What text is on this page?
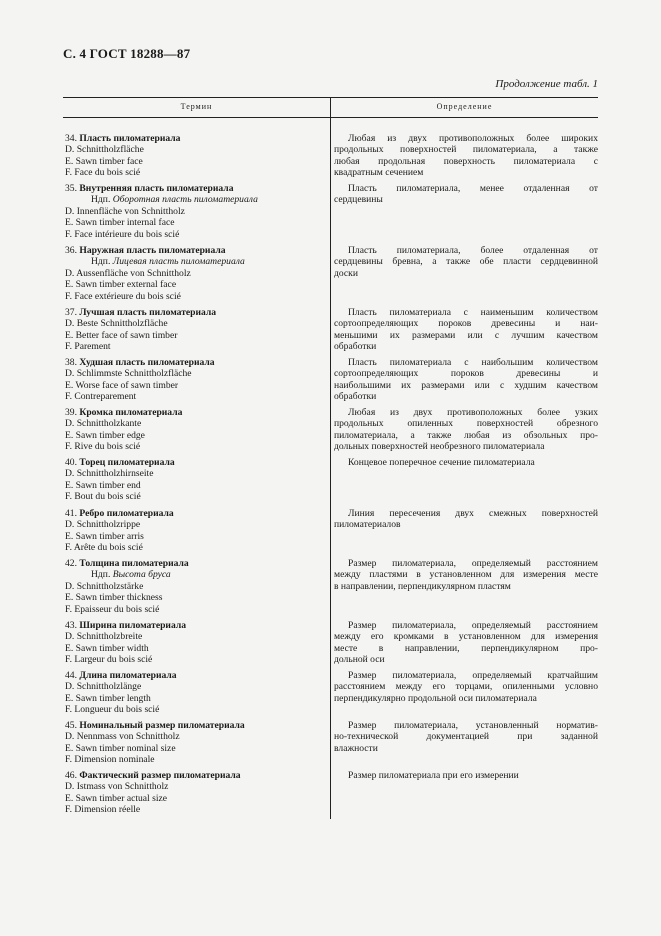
С. 4 ГОСТ 18288—87
Продолжение табл. 1
Термин	Определение
34. Пласть пиломатериала
D. Schnittholzfläche
E. Sawn timber face
F. Face du bois scié
Любая из двух противоположных более широких
продольных поверхностей пиломатериала, а также
любая продольная поверхность пиломатериала с
квадратным сечением
35. Внутренняя пласть пиломатериала
Ндп. Оборотная пласть пиломатериала
D. Innenfläche von Schnittholz
E. Sawn timber internal face
F. Face intérieure du bois scié
Пласть пиломатериала, менее отдаленная от
сердцевины
36. Наружная пласть пиломатериала
Ндп. Лицевая пласть пиломатериала
D. Aussenfläche von Schnittholz
E. Sawn timber external face
F. Face extérieure du bois scié
Пласть пиломатериала, более отдаленная от
сердцевины бревна, а также обе пласти сердцевинной
доски
37. Лучшая пласть пиломатериала
D. Beste Schnittholzfläche
E. Better face of sawn timber
F. Parement
Пласть пиломатериала с наименьшим количеством
сортоопределяющих пороков древесины и наи-
меньшими их размерами или с лучшим качеством
обработки
38. Худшая пласть пиломатериала
D. Schlimmste Schnittholzfläche
E. Worse face of sawn timber
F. Contreparement
Пласть пиломатериала с наибольшим количеством
сортоопределяющих пороков древесины и
наибольшими их размерами или с худшим качеством
обработки
39. Кромка пиломатериала
D. Schnittholzkante
E. Sawn timber edge
F. Rive du bois scié
Любая из двух противоположных более узких
продольных опиленных поверхностей обрезного
пиломатериала, а также любая из обзольных про-
дольных поверхностей необрезного пиломатериала
40. Торец пиломатериала
D. Schnittholzhirnseite
E. Sawn timber end
F. Bout du bois scié
Концевое поперечное сечение пиломатериала
41. Ребро пиломатериала
D. Schnittholzrippe
E. Sawn timber arris
F. Arête du bois scié
Линия пересечения двух смежных поверхностей
пиломатериалов
42. Толщина пиломатериала
Ндп. Высота бруса
D. Schnittholzstärke
E. Sawn timber thickness
F. Epaisseur du bois scié
Размер пиломатериала, определяемый расстоянием
между пластями в установленном для измерения месте
в направлении, перпендикулярном пластям
43. Ширина пиломатериала
D. Schnittholzbreite
E. Sawn timber width
F. Largeur du bois scié
Размер пиломатериала, определяемый расстоянием
между его кромками в установленном для измерения
месте в направлении, перпендикулярном про-
дольной оси
44. Длина пиломатериала
D. Schnittholzlänge
E. Sawn timber length
F. Longueur du bois scié
Размер пиломатериала, определяемый кратчайшим
расстоянием между его торцами, опиленными условно
перпендикулярно продольной оси пиломатериала
45. Номинальный размер пиломатериала
D. Nennmass von Schnittholz
E. Sawn timber nominal size
F. Dimension nominale
Размер пиломатериала, установленный норматив-
но-технической документацией при заданной
влажности
46. Фактический размер пиломатериала
D. Istmass von Schnittholz
E. Sawn timber actual size
F. Dimension réelle
Размер пиломатериала при его измерении
